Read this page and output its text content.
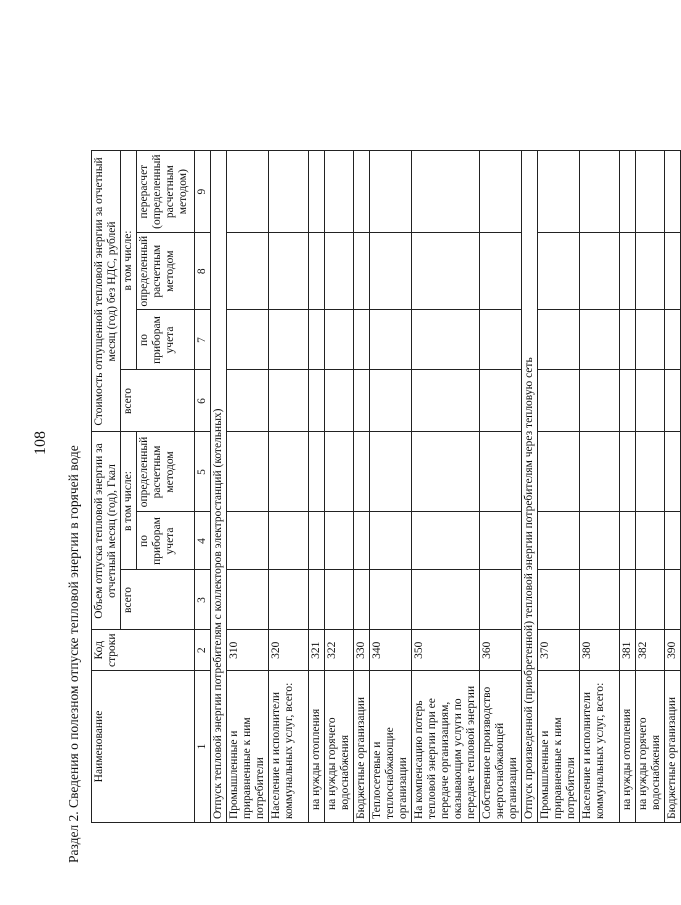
108
Раздел 2. Сведения о полезном отпуске тепловой энергии в горячей воде Наименование	Код строки	Объем отпуска тепловой энергии за отчетный месяц (год), Гкал			Стоимость отпущенной тепловой энергии за отчетный месяц (год) без НДС, рублей			
		всего	в том числе:		всего	в том числе:		
			по приборам учета	определенный расчетным методом		по приборам учета	определенный расчетным методом	перерасчет (определенный расчетным методом)
1	2	3	4	5	6	7	8	9
Отпуск тепловой энергии потребителям с коллекторов электростанций (котельных)								
Промышленные и приравненные к ним потребители	310							
Население и исполнители коммунальных услуг, всего:	320							
на нужды отопления	321							
на нужды горячего водоснабжения	322							
Бюджетные организации	330							
Теплосетевые и теплоснабжающие организации	340							
На компенсацию потерь тепловой энергии при ее передаче организациям, оказывающим услуги по передаче тепловой энергии	350							
Собственное производство энергоснабжающей организации	360							
Отпуск произведенной (приобретенной) тепловой энергии потребителям через тепловую сеть								
Промышленные и приравненные к ним потребители	370							
Население и исполнители коммунальных услуг, всего:	380							
на нужды отопления	381							
на нужды горячего водоснабжения	382							
Бюджетные организации	390							
